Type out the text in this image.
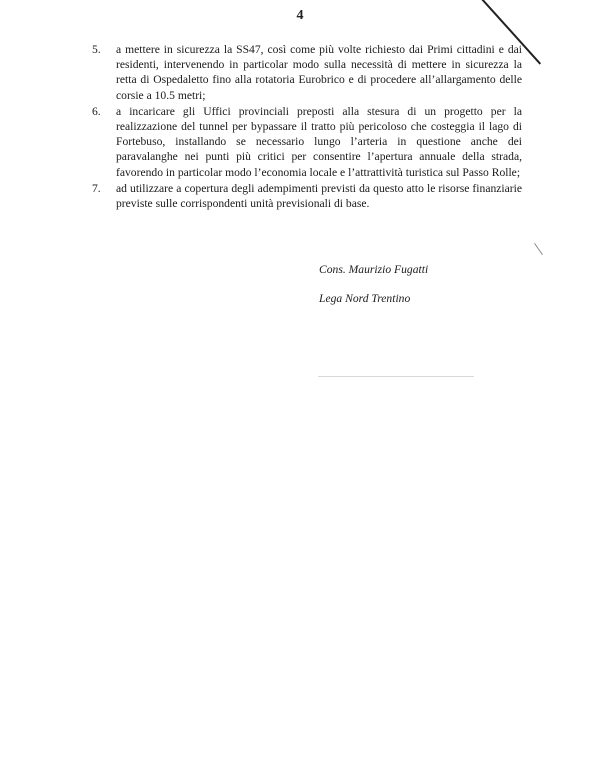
4
5.	a mettere in sicurezza la SS47, così come più volte richiesto dai Primi cittadini e dai residenti, intervenendo in particolar modo sulla necessità di mettere in sicurezza la retta di Ospedaletto fino alla rotatoria Eurobrico e di procedere all’allargamento delle corsie a 10.5 metri;
6.	a incaricare gli Uffici provinciali preposti alla stesura di un progetto per la realizzazione del tunnel per bypassare il tratto più pericoloso che costeggia il lago di Fortebuso, installando se necessario lungo l’arteria in questione anche dei paravalanghe nei punti più critici per consentire l’apertura annuale della strada, favorendo in particolar modo l’economia locale e l’attrattività turistica sul Passo Rolle;
7.	ad utilizzare a copertura degli adempimenti previsti da questo atto le risorse finanziarie previste sulle corrispondenti unità previsionali di base.
Cons. Maurizio Fugatti
Lega Nord Trentino
